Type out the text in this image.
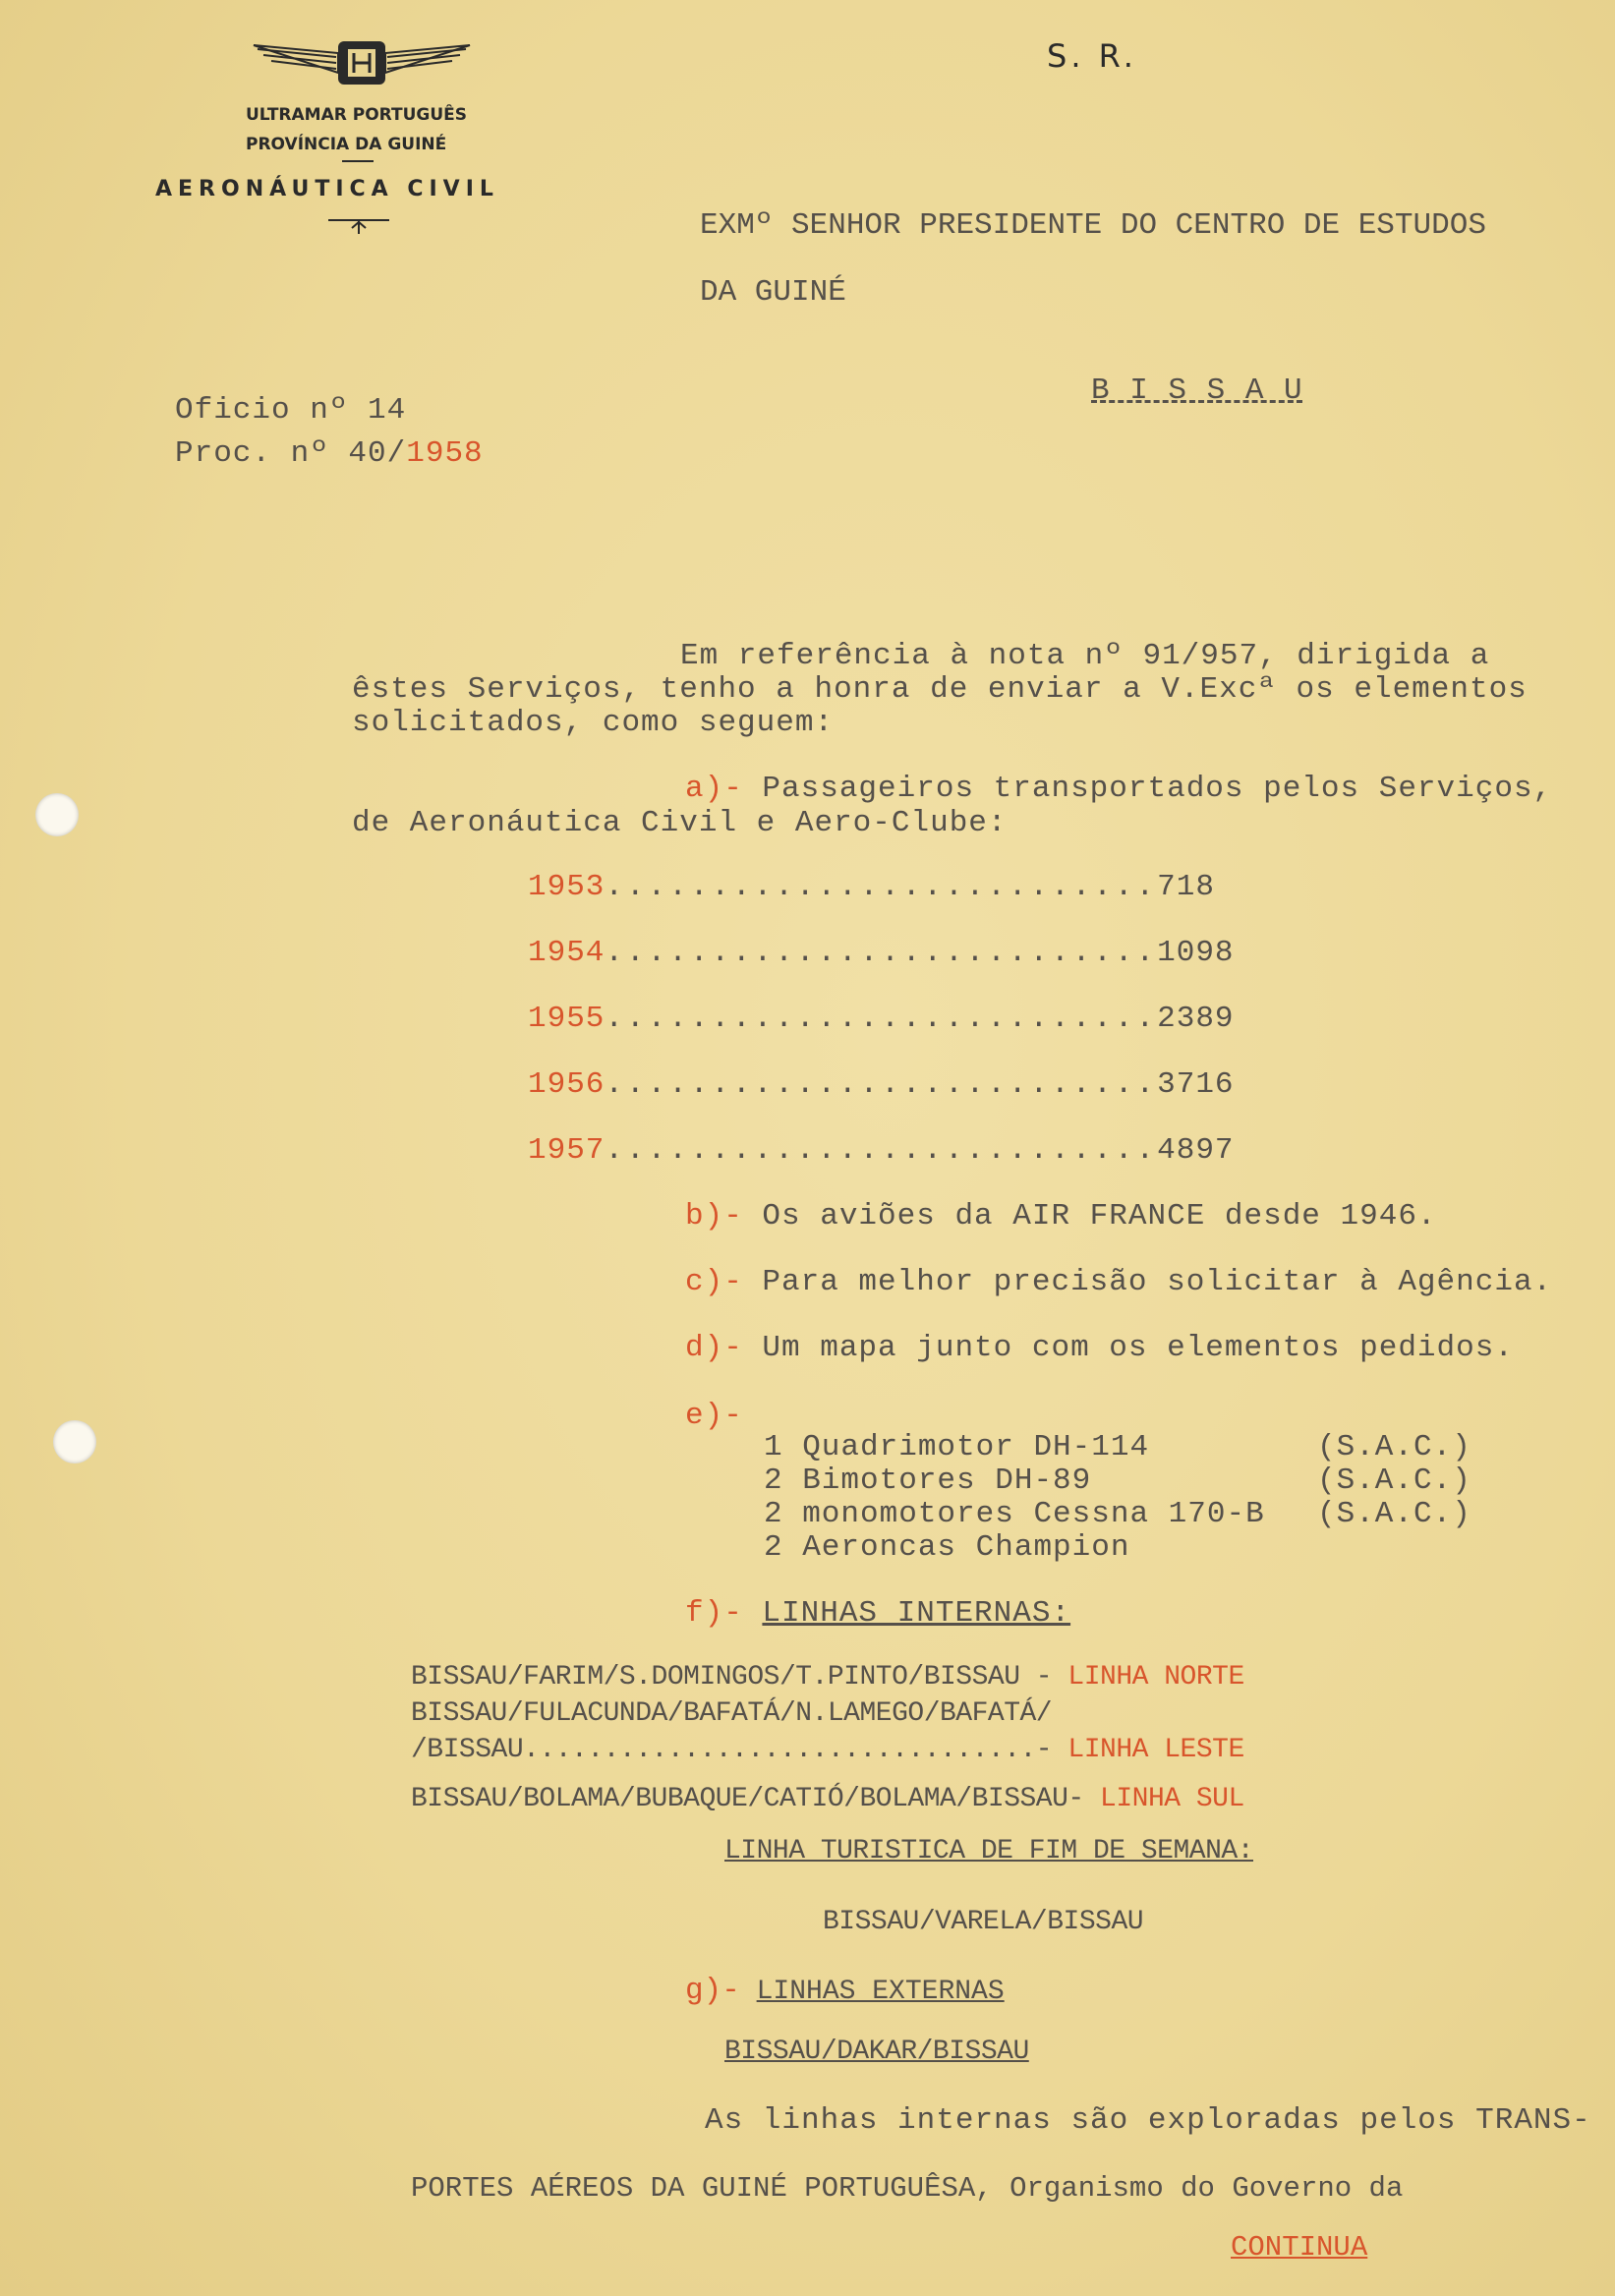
ULTRAMAR PORTUGUÊS
PROVÍNCIA DA GUINÉ
AERONÁUTICA CIVIL
S. R.
EXMº SENHOR PRESIDENTE DO CENTRO DE ESTUDOS
DA GUINÉ
B I S S A U
Oficio nº 14
Proc. nº 40/1958
Em referência à nota nº 91/957, dirigida a
êstes Serviços, tenho a honra de enviar a V.Excª os elementos
solicitados, como seguem:
a)- Passageiros transportados pelos Serviços,
de Aeronáutica Civil e Aero-Clube:
1953..........................718
1954..........................1098
1955..........................2389
1956..........................3716
1957..........................4897
b)- Os aviões da AIR FRANCE desde 1946.
c)- Para melhor precisão solicitar à Agência.
d)- Um mapa junto com os elementos pedidos.
e)-
1 Quadrimotor DH-114	(S.A.C.)
2 Bimotores DH-89	(S.A.C.)
2 monomotores Cessna 170-B (S.A.C.)
2 Aeroncas Champion
f)- LINHAS INTERNAS:
BISSAU/FARIM/S.DOMINGOS/T.PINTO/BISSAU - LINHA NORTE
BISSAU/FULACUNDA/BAFATÁ/N.LAMEGO/BAFATÁ/
/BISSAU................................- LINHA LESTE
BISSAU/BOLAMA/BUBAQUE/CATIÓ/BOLAMA/BISSAU- LINHA SUL
LINHA TURISTICA DE FIM DE SEMANA:
BISSAU/VARELA/BISSAU
g)- LINHAS EXTERNAS
BISSAU/DAKAR/BISSAU
As linhas internas são exploradas pelos TRANS-
PORTES AÉREOS DA GUINÉ PORTUGUÊSA, Organismo do Governo da
CONTINUA
